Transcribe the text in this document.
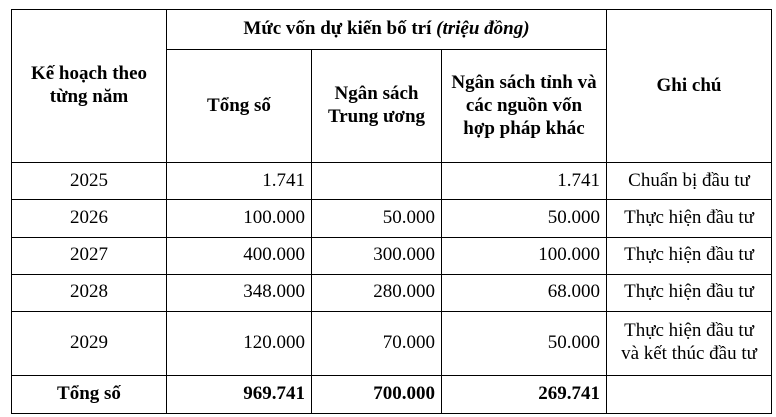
Kế hoạch theo từng năm	Mức vốn dự kiến bố trí (triệu đồng)			Ghi chú
	Tổng số	Ngân sách Trung ương	Ngân sách tỉnh và các nguồn vốn hợp pháp khác	
2025	1.741		1.741	Chuẩn bị đầu tư
2026	100.000	50.000	50.000	Thực hiện đầu tư
2027	400.000	300.000	100.000	Thực hiện đầu tư
2028	348.000	280.000	68.000	Thực hiện đầu tư
2029	120.000	70.000	50.000	Thực hiện đầu tư và kết thúc đầu tư
Tổng số	969.741	700.000	269.741	
